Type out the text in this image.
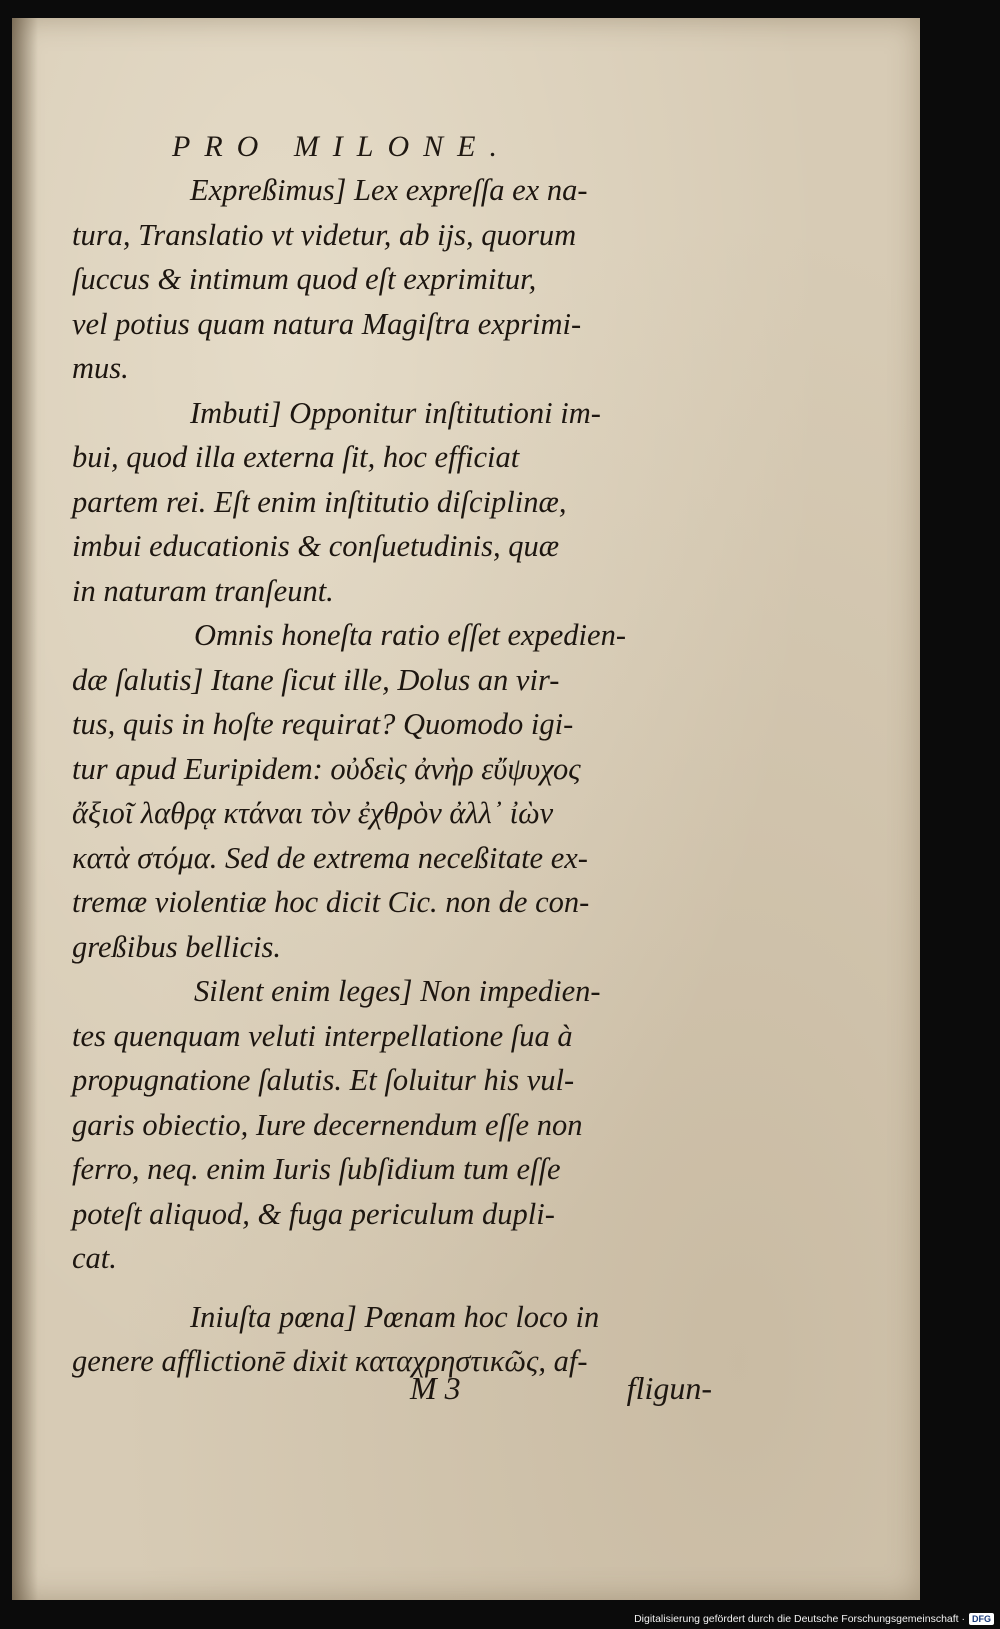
PRO MILONE.
Expreßimus] Lex expreſſa ex na-
tura, Translatio vt videtur, ab ijs, quorum
ſuccus & intimum quod eſt exprimitur,
vel potius quam natura Magiſtra exprimi-
mus.
Imbuti] Opponitur inſtitutioni im-
bui, quod illa externa ſit, hoc efficiat
partem rei. Eſt enim inſtitutio diſciplinæ,
imbui educationis & conſuetudinis, quæ
in naturam tranſeunt.
Omnis honeſta ratio eſſet expedien-
dæ ſalutis] Itane ſicut ille, Dolus an vir-
tus, quis in hoſte requirat? Quomodo igi-
tur apud Euripidem: οὐδεὶς ἀνὴρ εὔψυχος
ἄξιοῖ λαθρᾳ κτάναι τὸν ἐχθρὸν ἀλλ᾽ ἰὼν
κατὰ στόμα. Sed de extrema neceßitate ex-
tremæ violentiæ hoc dicit Cic. non de con-
greßibus bellicis.
Silent enim leges] Non impedien-
tes quenquam veluti interpellatione ſua à
propugnatione ſalutis. Et ſoluitur his vul-
garis obiectio, Iure decernendum eſſe non
ferro, neq. enim Iuris ſubſidium tum eſſe
poteſt aliquod, & fuga periculum dupli-
cat.
Iniuſta pœna] Pœnam hoc loco in
genere afflictionē dixit καταχρηστικῶς, af-
M 3	fligun-
Digitalisierung gefördert durch die Deutsche Forschungsgemeinschaft · DFG
